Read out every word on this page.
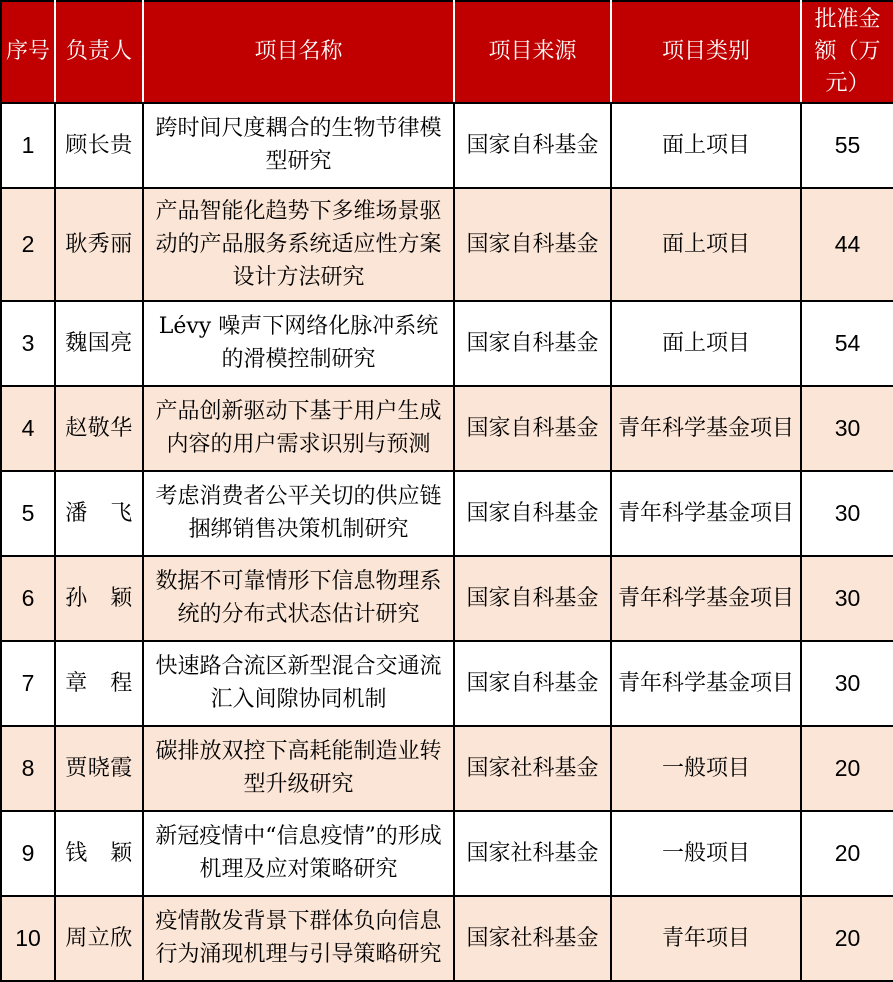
序号	负责人	项目名称	项目来源	项目类别	批准金额（万元）
1	顾长贵	跨时间尺度耦合的生物节律模型研究	国家自科基金	面上项目	55
2	耿秀丽	产品智能化趋势下多维场景驱动的产品服务系统适应性方案设计方法研究	国家自科基金	面上项目	44
3	魏国亮	Lévy 噪声下网络化脉冲系统的滑模控制研究	国家自科基金	面上项目	54
4	赵敬华	产品创新驱动下基于用户生成内容的用户需求识别与预测	国家自科基金	青年科学基金项目	30
5	潘　飞	考虑消费者公平关切的供应链捆绑销售决策机制研究	国家自科基金	青年科学基金项目	30
6	孙　颖	数据不可靠情形下信息物理系统的分布式状态估计研究	国家自科基金	青年科学基金项目	30
7	章　程	快速路合流区新型混合交通流汇入间隙协同机制	国家自科基金	青年科学基金项目	30
8	贾晓霞	碳排放双控下高耗能制造业转型升级研究	国家社科基金	一般项目	20
9	钱　颖	新冠疫情中“信息疫情”的形成机理及应对策略研究	国家社科基金	一般项目	20
10	周立欣	疫情散发背景下群体负向信息行为涌现机理与引导策略研究	国家社科基金	青年项目	20
